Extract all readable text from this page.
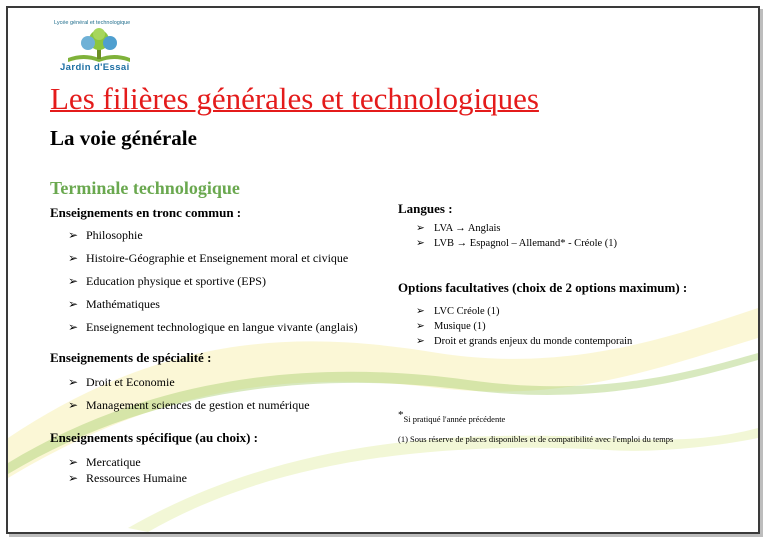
Lycée général et technologique
Jardin d'Essai
Les filières générales et technologiques
La voie générale
Terminale technologique
Enseignements en tronc commun :
➢ Philosophie
➢ Histoire-Géographie et Enseignement moral et civique
➢ Education physique et sportive (EPS)
➢ Mathématiques
➢ Enseignement technologique en langue vivante (anglais)
Enseignements de spécialité :
➢ Droit et Economie
➢ Management sciences de gestion et numérique
Enseignements spécifique (au choix) :
➢ Mercatique
➢ Ressources Humaine
Langues :
➢ LVA → Anglais
➢ LVB → Espagnol – Allemand* - Créole (1)
Options facultatives (choix de 2 options maximum) :
➢ LVC Créole (1)
➢ Musique (1)
➢ Droit et grands enjeux du monde contemporain
*Si pratiqué l'année précédente
(1) Sous réserve de places disponibles et de compatibilité avec l'emploi du temps
